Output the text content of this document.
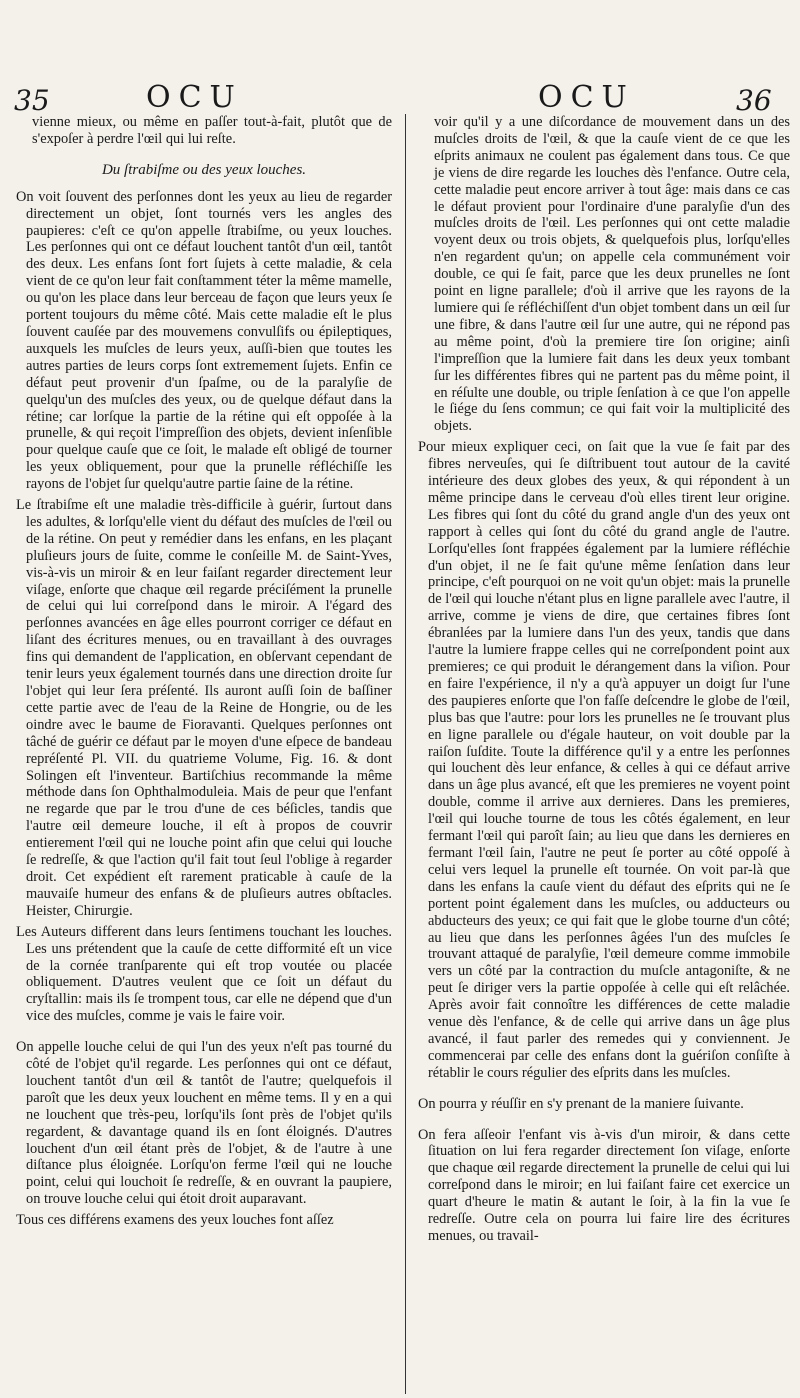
35	OCU	OCU	36

vienne mieux, ou même en paſſer tout-à-fait, plutôt que de s'expoſer à perdre l'œil qui lui reſte.

Du ſtrabiſme ou des yeux louches.

On voit ſouvent des perſonnes dont les yeux au lieu de regarder directement un objet, ſont tournés vers les angles des paupieres: c'eſt ce qu'on appelle ſtrabiſme, ou yeux louches. Les perſonnes qui ont ce défaut louchent tantôt d'un œil, tantôt des deux. Les enfans ſont fort ſujets à cette maladie, & cela vient de ce qu'on leur fait conſtamment téter la même mamelle, ou qu'on les place dans leur berceau de façon que leurs yeux ſe portent toujours du même côté. Mais cette maladie eſt le plus ſouvent cauſée par des mouvemens convulſifs ou épileptiques, auxquels les muſcles de leurs yeux, auſſi-bien que toutes les autres parties de leurs corps ſont extremement ſujets. Enfin ce défaut peut provenir d'un ſpaſme, ou de la paralyſie de quelqu'un des muſcles des yeux, ou de quelque défaut dans la rétine; car lorſque la partie de la rétine qui eſt oppoſée à la prunelle, & qui reçoit l'impreſſion des objets, devient inſenſible pour quelque cauſe que ce ſoit, le malade eſt obligé de tourner les yeux obliquement, pour que la prunelle réfléchiſſe les rayons de l'objet ſur quelqu'autre partie ſaine de la rétine.

Le ſtrabiſme eſt une maladie très-difficile à guérir, ſurtout dans les adultes, & lorſqu'elle vient du défaut des muſcles de l'œil ou de la rétine. On peut y remédier dans les enfans, en les plaçant pluſieurs jours de ſuite, comme le conſeille M. de Saint-Yves, vis-à-vis un miroir & en leur faiſant regarder directement leur viſage, enſorte que chaque œil regarde préciſément la prunelle de celui qui lui correſpond dans le miroir. A l'égard des perſonnes avancées en âge elles pourront corriger ce défaut en liſant des écritures menues, ou en travaillant à des ouvrages fins qui demandent de l'application, en obſervant cependant de tenir leurs yeux également tournés dans une direction droite ſur l'objet qui leur ſera préſenté. Ils auront auſſi ſoin de baſſiner cette partie avec de l'eau de la Reine de Hongrie, ou de les oindre avec le baume de Fioravanti. Quelques perſonnes ont tâché de guérir ce défaut par le moyen d'une eſpece de bandeau repréſenté Pl. VII. du quatrieme Volume, Fig. 16. & dont Solingen eſt l'inventeur. Bartiſchius recommande la même méthode dans ſon Ophthalmoduleia. Mais de peur que l'enfant ne regarde que par le trou d'une de ces béſicles, tandis que l'autre œil demeure louche, il eſt à propos de couvrir entierement l'œil qui ne louche point afin que celui qui louche ſe redreſſe, & que l'action qu'il fait tout ſeul l'oblige à regarder droit. Cet expédient eſt rarement praticable à cauſe de la mauvaiſe humeur des enfans & de pluſieurs autres obſtacles. Heister, Chirurgie.

Les Auteurs different dans leurs ſentimens touchant les louches. Les uns prétendent que la cauſe de cette difformité eſt un vice de la cornée tranſparente qui eſt trop voutée ou placée obliquement. D'autres veulent que ce ſoit un défaut du cryſtallin: mais ils ſe trompent tous, car elle ne dépend que d'un vice des muſcles, comme je vais le faire voir.

On appelle louche celui de qui l'un des yeux n'eſt pas tourné du côté de l'objet qu'il regarde. Les perſonnes qui ont ce défaut, louchent tantôt d'un œil & tantôt de l'autre; quelquefois il paroît que les deux yeux louchent en même tems. Il y en a qui ne louchent que très-peu, lorſqu'ils ſont près de l'objet qu'ils regardent, & davantage quand ils en ſont éloignés. D'autres louchent d'un œil étant près de l'objet, & de l'autre à une diſtance plus éloignée. Lorſqu'on ferme l'œil qui ne louche point, celui qui louchoit ſe redreſſe, & en ouvrant la paupiere, on trouve louche celui qui étoit droit auparavant.

Tous ces différens examens des yeux louches font aſſez

voir qu'il y a une diſcordance de mouvement dans un des muſcles droits de l'œil, & que la cauſe vient de ce que les eſprits animaux ne coulent pas également dans tous. Ce que je viens de dire regarde les louches dès l'enfance. Outre cela, cette maladie peut encore arriver à tout âge: mais dans ce cas le défaut provient pour l'ordinaire d'une paralyſie d'un des muſcles droits de l'œil. Les perſonnes qui ont cette maladie voyent deux ou trois objets, & quelquefois plus, lorſqu'elles n'en regardent qu'un; on appelle cela communément voir double, ce qui ſe fait, parce que les deux prunelles ne ſont point en ligne parallele; d'où il arrive que les rayons de la lumiere qui ſe réfléchiſſent d'un objet tombent dans un œil ſur une fibre, & dans l'autre œil ſur une autre, qui ne répond pas au même point, d'où la premiere tire ſon origine; ainſi l'impreſſion que la lumiere fait dans les deux yeux tombant ſur les différentes fibres qui ne partent pas du même point, il en réſulte une double, ou triple ſenſation à ce que l'on appelle le ſiége du ſens commun; ce qui fait voir la multiplicité des objets.

Pour mieux expliquer ceci, on ſait que la vue ſe fait par des fibres nerveuſes, qui ſe diſtribuent tout autour de la cavité intérieure des deux globes des yeux, & qui répondent à un même principe dans le cerveau d'où elles tirent leur origine. Les fibres qui ſont du côté du grand angle d'un des yeux ont rapport à celles qui ſont du côté du grand angle de l'autre. Lorſqu'elles ſont frappées également par la lumiere réfléchie d'un objet, il ne ſe fait qu'une même ſenſation dans leur principe, c'eſt pourquoi on ne voit qu'un objet: mais la prunelle de l'œil qui louche n'étant plus en ligne parallele avec l'autre, il arrive, comme je viens de dire, que certaines fibres ſont ébranlées par la lumiere dans l'un des yeux, tandis que dans l'autre la lumiere frappe celles qui ne correſpondent point aux premieres; ce qui produit le dérangement dans la viſion. Pour en faire l'expérience, il n'y a qu'à appuyer un doigt ſur l'une des paupieres enſorte que l'on faſſe deſcendre le globe de l'œil, plus bas que l'autre: pour lors les prunelles ne ſe trouvant plus en ligne parallele ou d'égale hauteur, on voit double par la raiſon ſuſdite. Toute la différence qu'il y a entre les perſonnes qui louchent dès leur enfance, & celles à qui ce défaut arrive dans un âge plus avancé, eſt que les premieres ne voyent point double, comme il arrive aux dernieres. Dans les premieres, l'œil qui louche tourne de tous les côtés également, en leur fermant l'œil qui paroît ſain; au lieu que dans les dernieres en fermant l'œil ſain, l'autre ne peut ſe porter au côté oppoſé à celui vers lequel la prunelle eſt tournée. On voit par-là que dans les enfans la cauſe vient du défaut des eſprits qui ne ſe portent point également dans les muſcles, ou adducteurs ou abducteurs des yeux; ce qui fait que le globe tourne d'un côté; au lieu que dans les perſonnes âgées l'un des muſcles ſe trouvant attaqué de paralyſie, l'œil demeure comme immobile vers un côté par la contraction du muſcle antagoniſte, & ne peut ſe diriger vers la partie oppoſée à celle qui eſt relâchée. Après avoir fait connoître les différences de cette maladie venue dès l'enfance, & de celle qui arrive dans un âge plus avancé, il faut parler des remedes qui y conviennent. Je commencerai par celle des enfans dont la guériſon conſiſte à rétablir le cours régulier des eſprits dans les muſcles.

On pourra y réuſſir en s'y prenant de la maniere ſuivante.

On fera aſſeoir l'enfant vis à-vis d'un miroir, & dans cette ſituation on lui fera regarder directement ſon viſage, enſorte que chaque œil regarde directement la prunelle de celui qui lui correſpond dans le miroir; en lui faiſant faire cet exercice un quart d'heure le matin & autant le ſoir, à la fin la vue ſe redreſſe. Outre cela on pourra lui faire lire des écritures menues, ou travail-
